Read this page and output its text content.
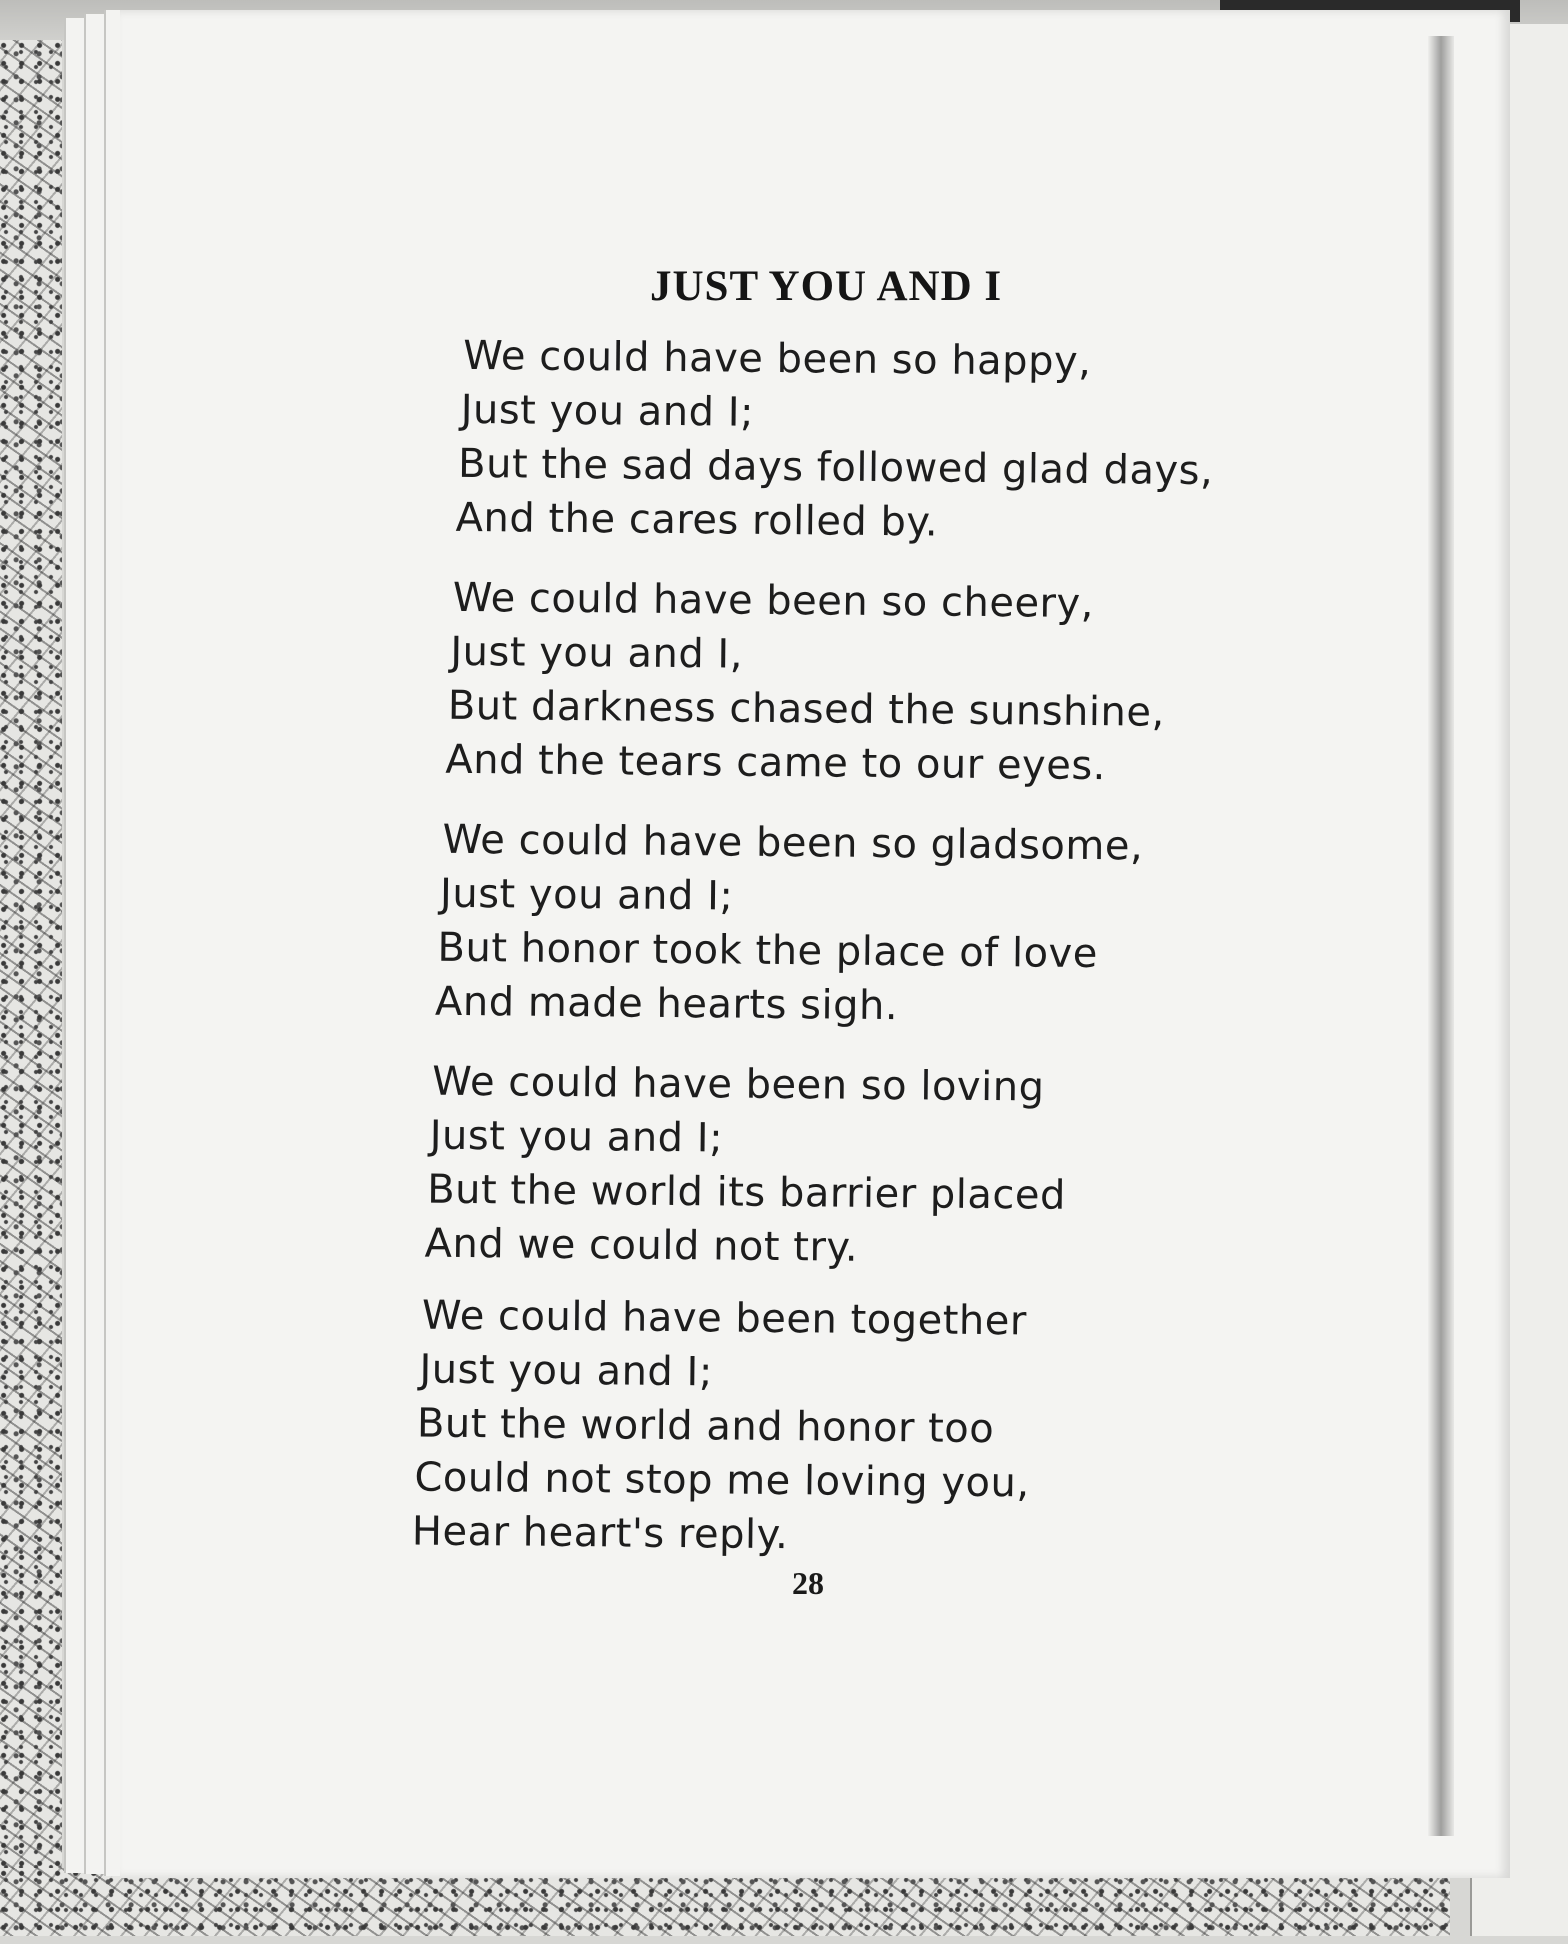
JUST YOU AND I

We could have been so happy,

Just you and I;

But the sad days followed glad days,

And the cares rolled by.

We could have been so cheery,

Just you and I,

But darkness chased the sunshine,

And the tears came to our eyes.

We could have been so gladsome,

Just you and I;

But honor took the place of love

And made hearts sigh.

We could have been so loving

Just you and I;

But the world its barrier placed

And we could not try.

We could have been together

Just you and I;

But the world and honor too

Could not stop me loving you,

Hear heart's reply.

28
